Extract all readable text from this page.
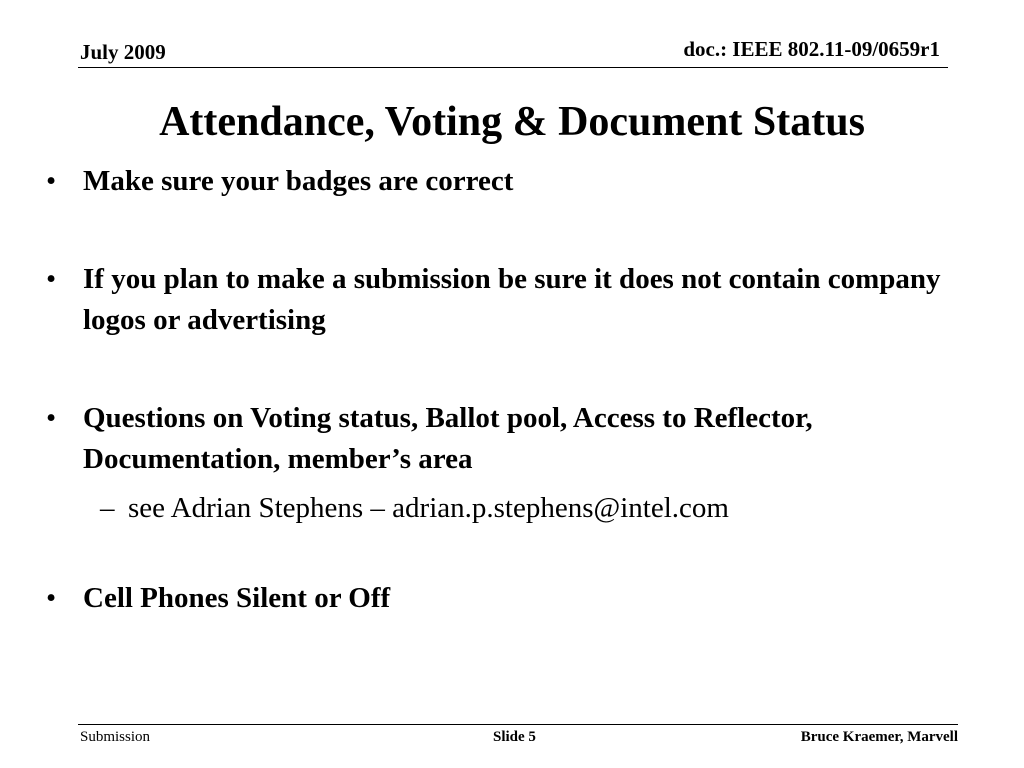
July 2009	doc.: IEEE 802.11-09/0659r1
Attendance, Voting & Document Status
• Make sure your badges are correct
• If you plan to make a submission be sure it does not contain company logos or advertising
• Questions on Voting status, Ballot pool, Access to Reflector, Documentation, member’s area
– see Adrian Stephens – adrian.p.stephens@intel.com
• Cell Phones Silent or Off
Submission	Slide 5	Bruce Kraemer, Marvell
